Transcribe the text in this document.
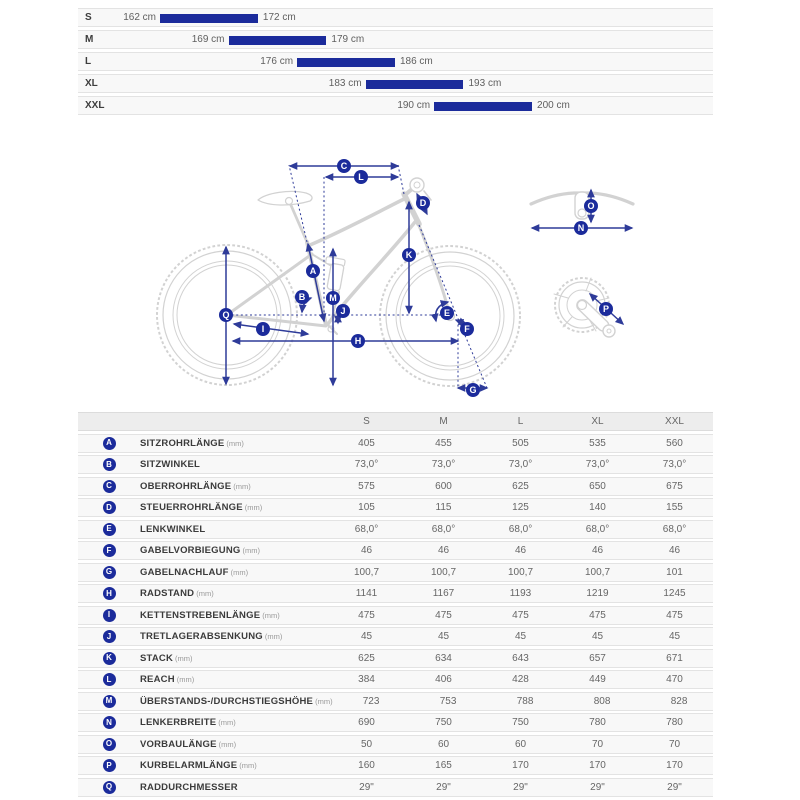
S	162 cm	172 cm
M	169 cm	179 cm
L	176 cm	186 cm
XL	183 cm	193 cm
XXL	190 cm	200 cm
A
B
C
D
E
F
G
H
I
J
K
L
M
N
O
P
Q
S	M	L	XL	XXL
A	SITZROHRLÄNGE (mm)	405	455	505	535	560
B	SITZWINKEL	73,0°	73,0°	73,0°	73,0°	73,0°
C	OBERROHRLÄNGE (mm)	575	600	625	650	675
D	STEUERROHRLÄNGE (mm)	105	115	125	140	155
E	LENKWINKEL	68,0°	68,0°	68,0°	68,0°	68,0°
F	GABELVORBIEGUNG (mm)	46	46	46	46	46
G	GABELNACHLAUF (mm)	100,7	100,7	100,7	100,7	101
H	RADSTAND (mm)	1141	1167	1193	1219	1245
I	KETTENSTREBENLÄNGE (mm)	475	475	475	475	475
J	TRETLAGERABSENKUNG (mm)	45	45	45	45	45
K	STACK (mm)	625	634	643	657	671
L	REACH (mm)	384	406	428	449	470
M	ÜBERSTANDS-/DURCHSTIEGSHÖHE (mm)	723	753	788	808	828
N	LENKERBREITE (mm)	690	750	750	780	780
O	VORBAULÄNGE (mm)	50	60	60	70	70
P	KURBELARMLÄNGE (mm)	160	165	170	170	170
Q	RADDURCHMESSER	29"	29"	29"	29"	29"
